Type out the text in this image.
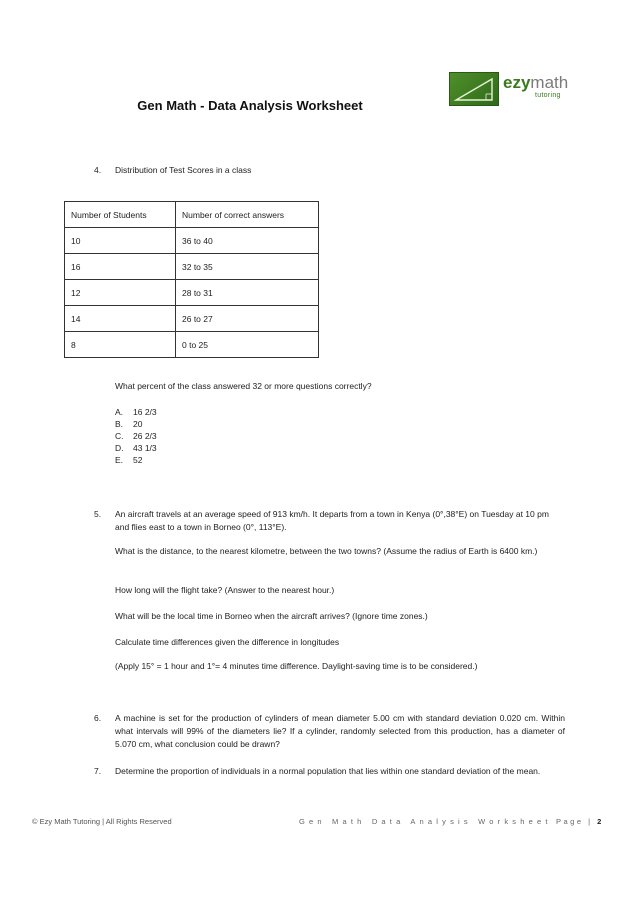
Gen Math - Data Analysis Worksheet
ezymath
tutoring
4. Distribution of Test Scores in a class
Number of Students	Number of correct answers
10	36 to 40
16	32 to 35
12	28 to 31
14	26 to 27
8	0 to 25
What percent of the class answered 32 or more questions correctly?
A.	16 2/3
B.	20
C.	26 2/3
D.	43 1/3
E.	52
5. An aircraft travels at an average speed of 913 km/h. It departs from a town in Kenya (0°,38°E) on Tuesday at 10 pm and flies east to a town in Borneo (0°, 113°E).
What is the distance, to the nearest kilometre, between the two towns? (Assume the radius of Earth is 6400 km.)
How long will the flight take? (Answer to the nearest hour.)
What will be the local time in Borneo when the aircraft arrives? (Ignore time zones.)
Calculate time differences given the difference in longitudes
(Apply 15° = 1 hour and 1°= 4 minutes time difference. Daylight-saving time is to be considered.)
6. A machine is set for the production of cylinders of mean diameter 5.00 cm with standard deviation 0.020 cm. Within what intervals will 99% of the diameters lie? If a cylinder, randomly selected from this production, has a diameter of 5.070 cm, what conclusion could be drawn?
7. Determine the proportion of individuals in a normal population that lies within one standard deviation of the mean.
© Ezy Math Tutoring | All Rights Reserved	Gen Math Data Analysis Worksheet Page | 2
